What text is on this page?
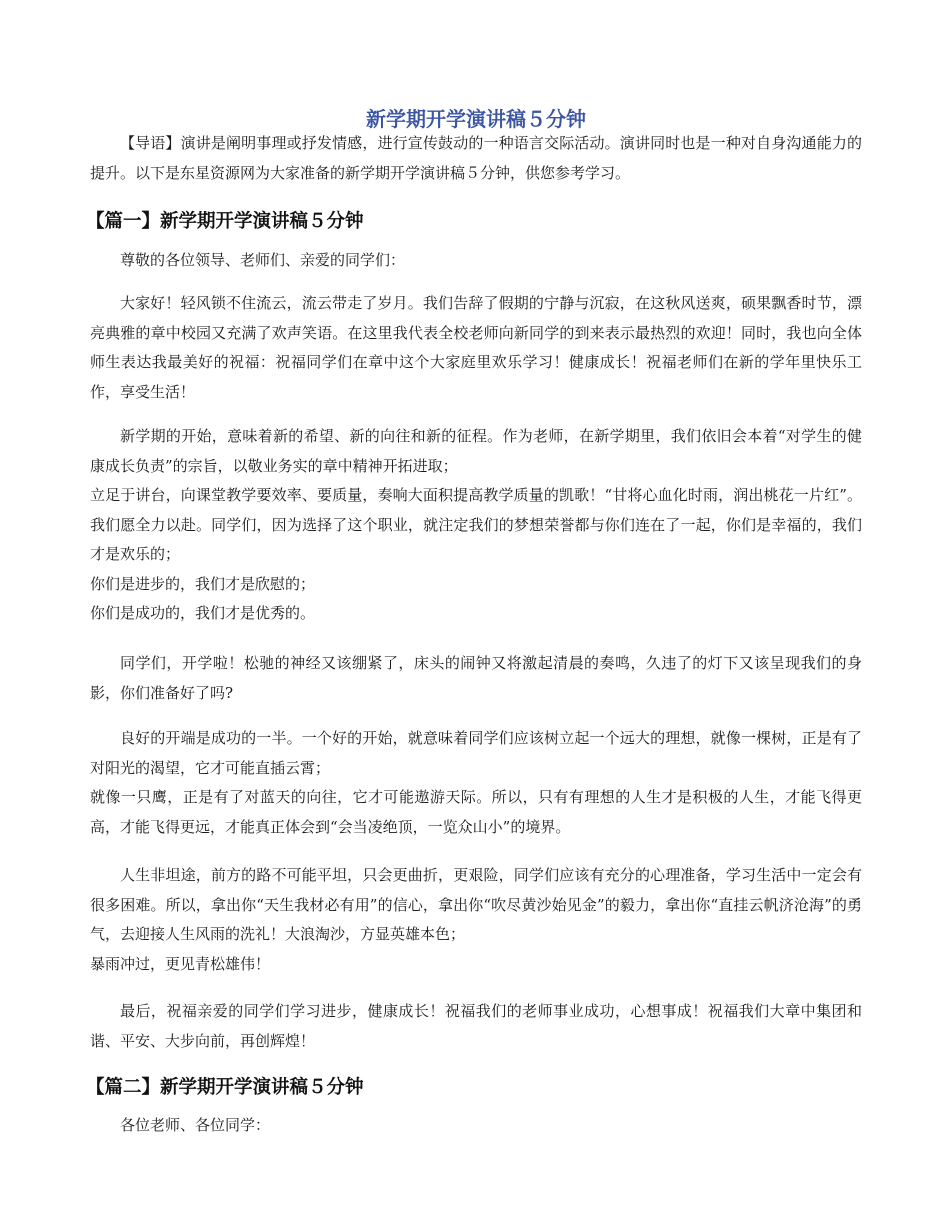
新学期开学演讲稿５分钟

【导语】演讲是阐明事理或抒发情感，进行宣传鼓动的一种语言交际活动。演讲同时也是一种对自身沟通能力的提升。以下是东星资源网为大家准备的新学期开学演讲稿５分钟，供您参考学习。

【篇一】新学期开学演讲稿５分钟

尊敬的各位领导、老师们、亲爱的同学们：

大家好！轻风锁不住流云，流云带走了岁月。我们告辞了假期的宁静与沉寂，在这秋风送爽，硕果飘香时节，漂亮典雅的章中校园又充满了欢声笑语。在这里我代表全校老师向新同学的到来表示最热烈的欢迎！同时，我也向全体师生表达我最美好的祝福：祝福同学们在章中这个大家庭里欢乐学习！健康成长！祝福老师们在新的学年里快乐工作，享受生活！

新学期的开始，意味着新的希望、新的向往和新的征程。作为老师，在新学期里，我们依旧会本着“对学生的健康成长负责”的宗旨，以敬业务实的章中精神开拓进取；

立足于讲台，向课堂教学要效率、要质量，奏响大面积提高教学质量的凯歌！“甘将心血化时雨，润出桃花一片红”。我们愿全力以赴。同学们，因为选择了这个职业，就注定我们的梦想荣誉都与你们连在了一起，你们是幸福的，我们才是欢乐的；

你们是进步的，我们才是欣慰的；

你们是成功的，我们才是优秀的。

同学们，开学啦！松驰的神经又该绷紧了，床头的闹钟又将激起清晨的奏鸣，久违了的灯下又该呈现我们的身影，你们准备好了吗?

良好的开端是成功的一半。一个好的开始，就意味着同学们应该树立起一个远大的理想，就像一棵树，正是有了对阳光的渴望，它才可能直插云霄；

就像一只鹰，正是有了对蓝天的向往，它才可能遨游天际。所以，只有有理想的人生才是积极的人生，才能飞得更高，才能飞得更远，才能真正体会到“会当凌绝顶，一览众山小”的境界。

人生非坦途，前方的路不可能平坦，只会更曲折，更艰险，同学们应该有充分的心理准备，学习生活中一定会有很多困难。所以，拿出你“天生我材必有用”的信心，拿出你“吹尽黄沙始见金”的毅力，拿出你“直挂云帆济沧海”的勇气，去迎接人生风雨的洗礼！大浪淘沙，方显英雄本色；

暴雨冲过，更见青松雄伟！

最后，祝福亲爱的同学们学习进步，健康成长！祝福我们的老师事业成功，心想事成！祝福我们大章中集团和谐、平安、大步向前，再创辉煌！

【篇二】新学期开学演讲稿５分钟

各位老师、各位同学：
